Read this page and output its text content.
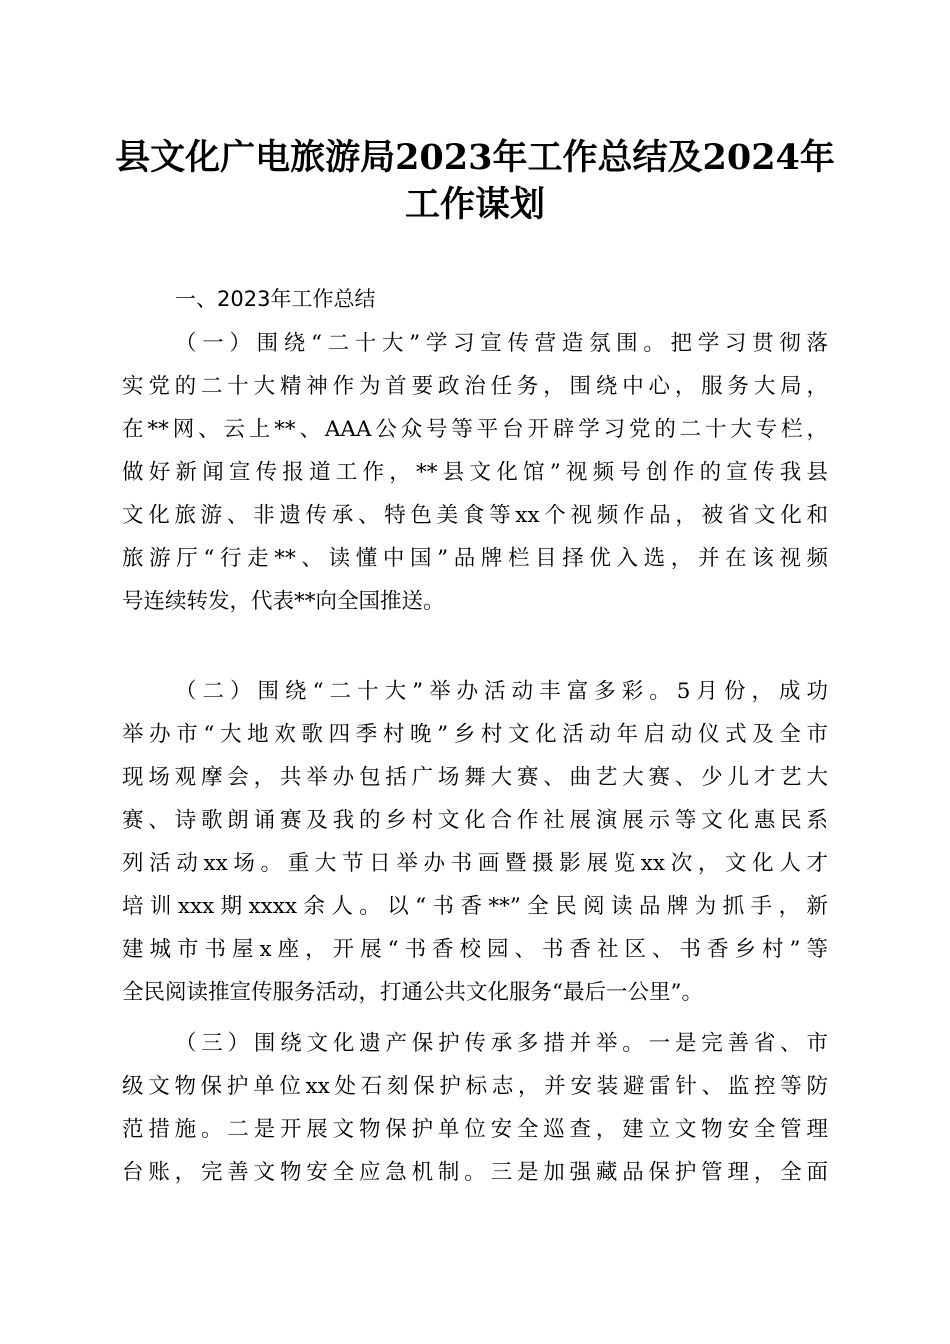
县文化广电旅游局2023年工作总结及2024年
工作谋划
一、2023年工作总结
（一）围绕“二十大”学习宣传营造氛围。把学习贯彻落
实党的二十大精神作为首要政治任务，围绕中心，服务大局，
在**网、云上**、AAA公众号等平台开辟学习党的二十大专栏，
做好新闻宣传报道工作，**县文化馆”视频号创作的宣传我县
文化旅游、非遗传承、特色美食等xx个视频作品，被省文化和
旅游厅“行走**、读懂中国”品牌栏目择优入选，并在该视频
号连续转发，代表**向全国推送。
（二）围绕“二十大”举办活动丰富多彩。5月份，成功
举办市“大地欢歌四季村晚”乡村文化活动年启动仪式及全市
现场观摩会，共举办包括广场舞大赛、曲艺大赛、少儿才艺大
赛、诗歌朗诵赛及我的乡村文化合作社展演展示等文化惠民系
列活动xx场。重大节日举办书画暨摄影展览xx次，文化人才
培训xxx期xxxx余人。以“书香**”全民阅读品牌为抓手，新
建城市书屋x座，开展“书香校园、书香社区、书香乡村”等
全民阅读推宣传服务活动，打通公共文化服务“最后一公里”。
（三）围绕文化遗产保护传承多措并举。一是完善省、市
级文物保护单位xx处石刻保护标志，并安装避雷针、监控等防
范措施。二是开展文物保护单位安全巡查，建立文物安全管理
台账，完善文物安全应急机制。三是加强藏品保护管理，全面
